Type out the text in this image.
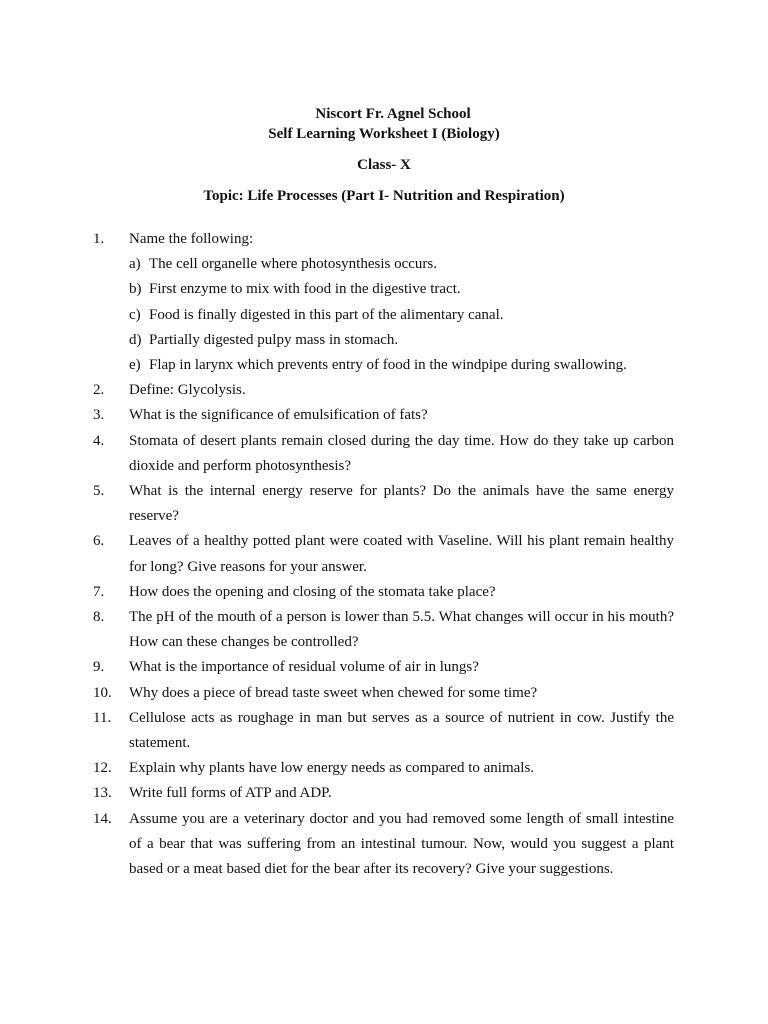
Niscort Fr. Agnel School
Self Learning Worksheet I (Biology)
Class- X
Topic: Life Processes (Part I- Nutrition and Respiration)
1.	Name the following:
a) The cell organelle where photosynthesis occurs.
b) First enzyme to mix with food in the digestive tract.
c) Food is finally digested in this part of the alimentary canal.
d) Partially digested pulpy mass in stomach.
e) Flap in larynx which prevents entry of food in the windpipe during swallowing.
2.	Define: Glycolysis.
3.	What is the significance of emulsification of fats?
4.	Stomata of desert plants remain closed during the day time. How do they take up carbon dioxide and perform photosynthesis?
5.	What is the internal energy reserve for plants? Do the animals have the same energy reserve?
6.	Leaves of a healthy potted plant were coated with Vaseline. Will his plant remain healthy for long? Give reasons for your answer.
7.	How does the opening and closing of the stomata take place?
8.	The pH of the mouth of a person is lower than 5.5. What changes will occur in his mouth? How can these changes be controlled?
9.	What is the importance of residual volume of air in lungs?
10.	Why does a piece of bread taste sweet when chewed for some time?
11.	Cellulose acts as roughage in man but serves as a source of nutrient in cow. Justify the statement.
12.	Explain why plants have low energy needs as compared to animals.
13.	Write full forms of ATP and ADP.
14.	Assume you are a veterinary doctor and you had removed some length of small intestine of a bear that was suffering from an intestinal tumour. Now, would you suggest a plant based or a meat based diet for the bear after its recovery? Give your suggestions.
